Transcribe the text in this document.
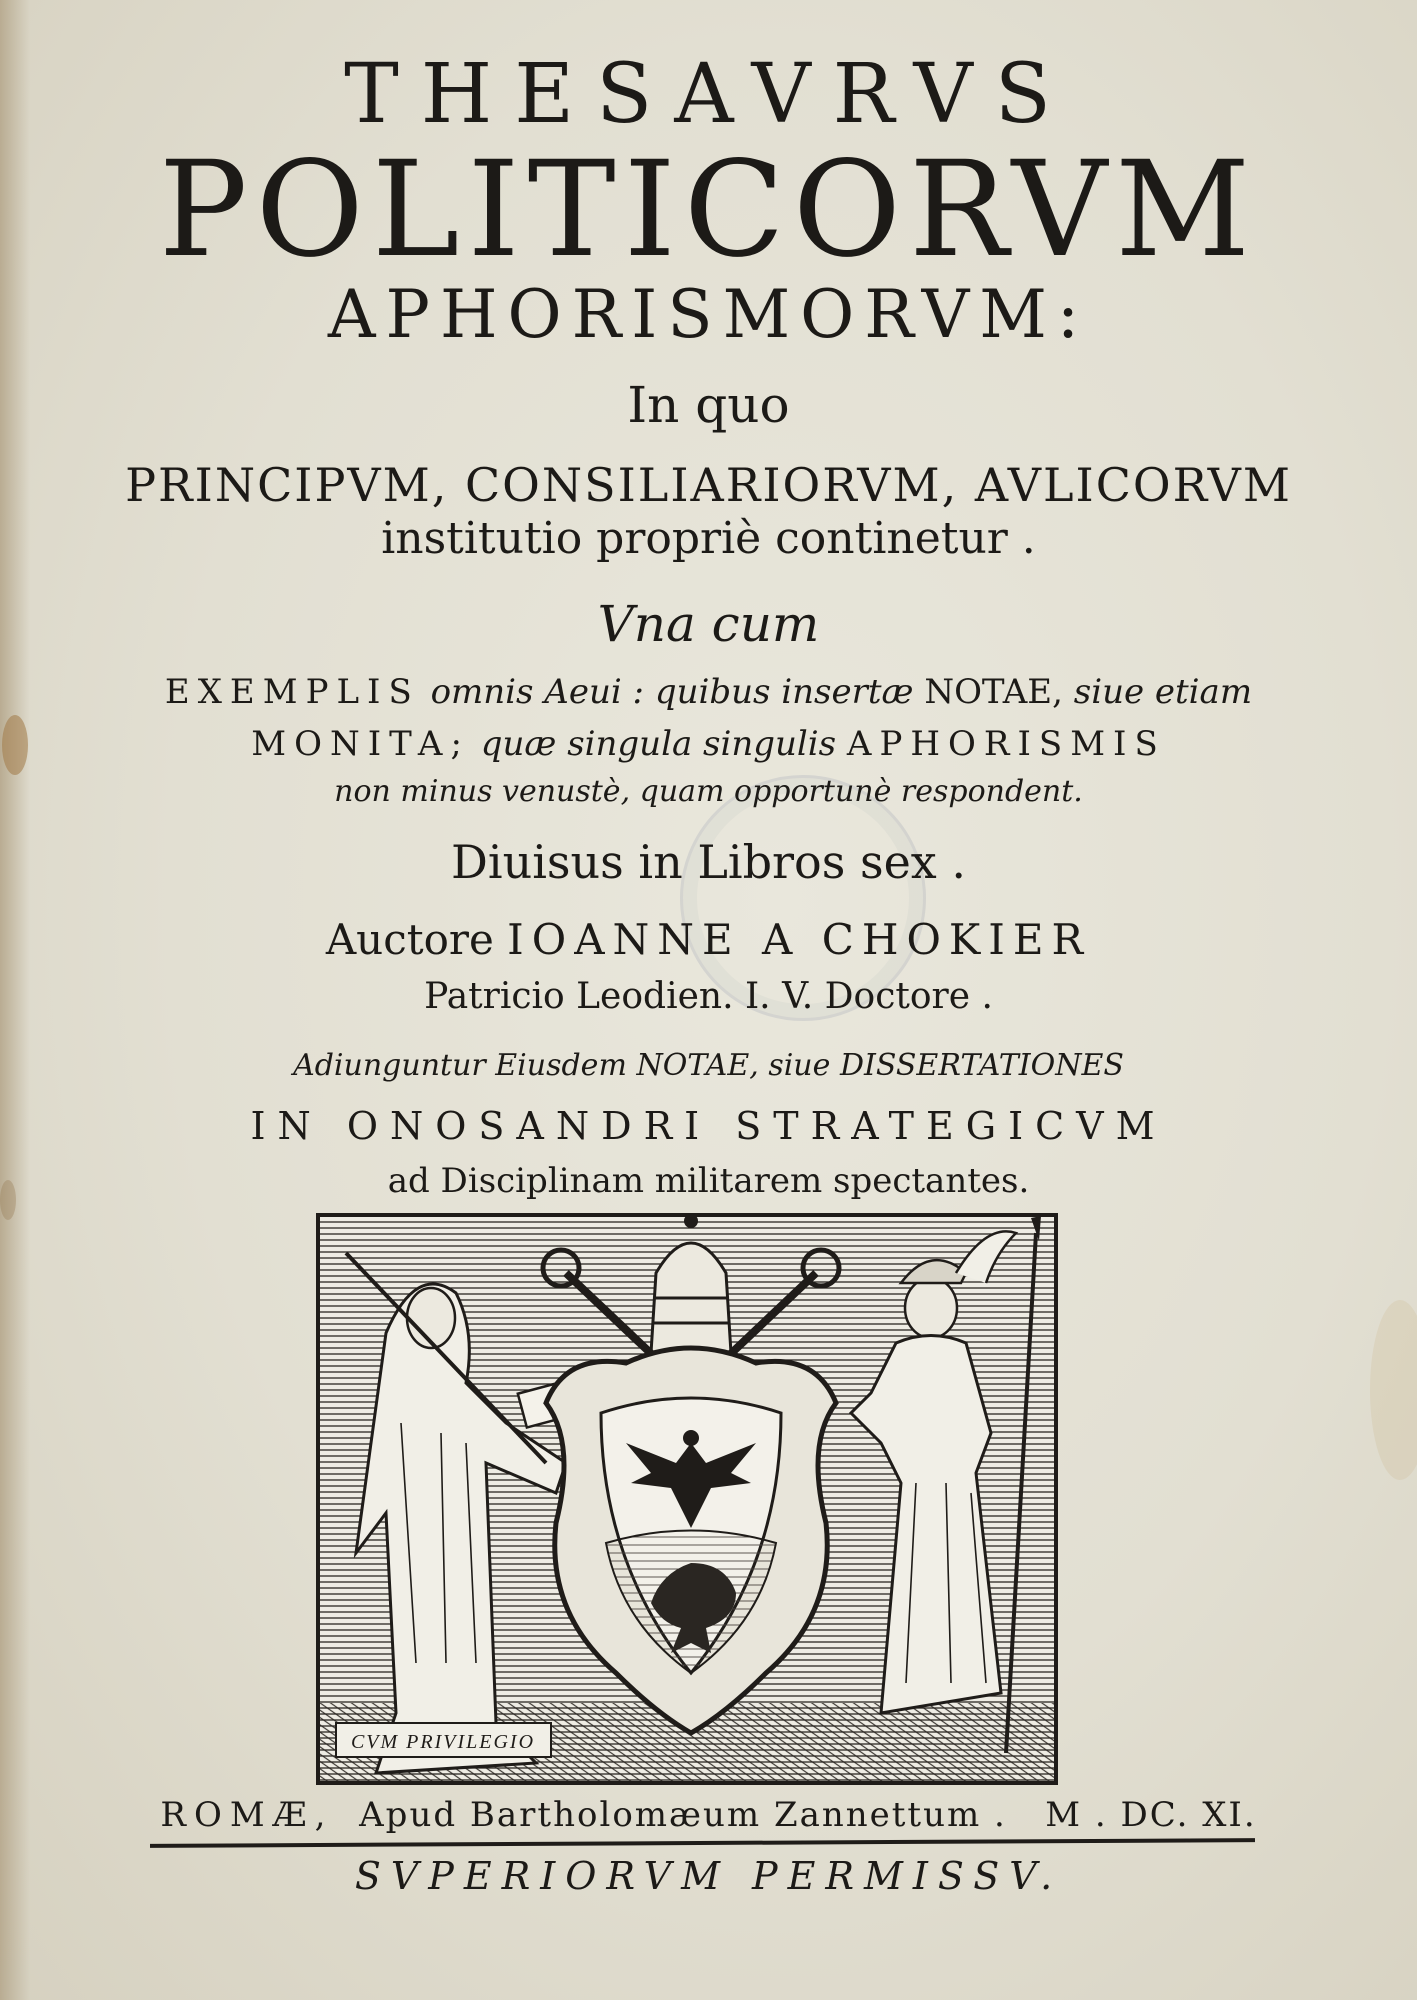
THESAVRVS
POLITICORVM
APHORISMORVM:
In quo
PRINCIPVM, CONSILIARIORVM, AVLICORVM
institutio propriè continetur .
Vna cum
EXEMPLIS omnis Aeui : quibus insertæ NOTAE, siue etiam
MONITA; quæ singula singulis APHORISMIS
non minus venustè, quam opportunè respondent.
Diuisus in Libros sex .
Auctore IOANNE A CHOKIER
Patricio Leodien. I. V. Doctore .
Adiunguntur Eiusdem NOTAE, siue DISSERTATIONES
IN ONOSANDRI STRATEGICVM
ad Disciplinam militarem spectantes.
CVM PRIVILEGIO
ROMÆ, Apud Bartholomæum Zannettum . M . DC. XI.
SVPERIORVM PERMISSV.
